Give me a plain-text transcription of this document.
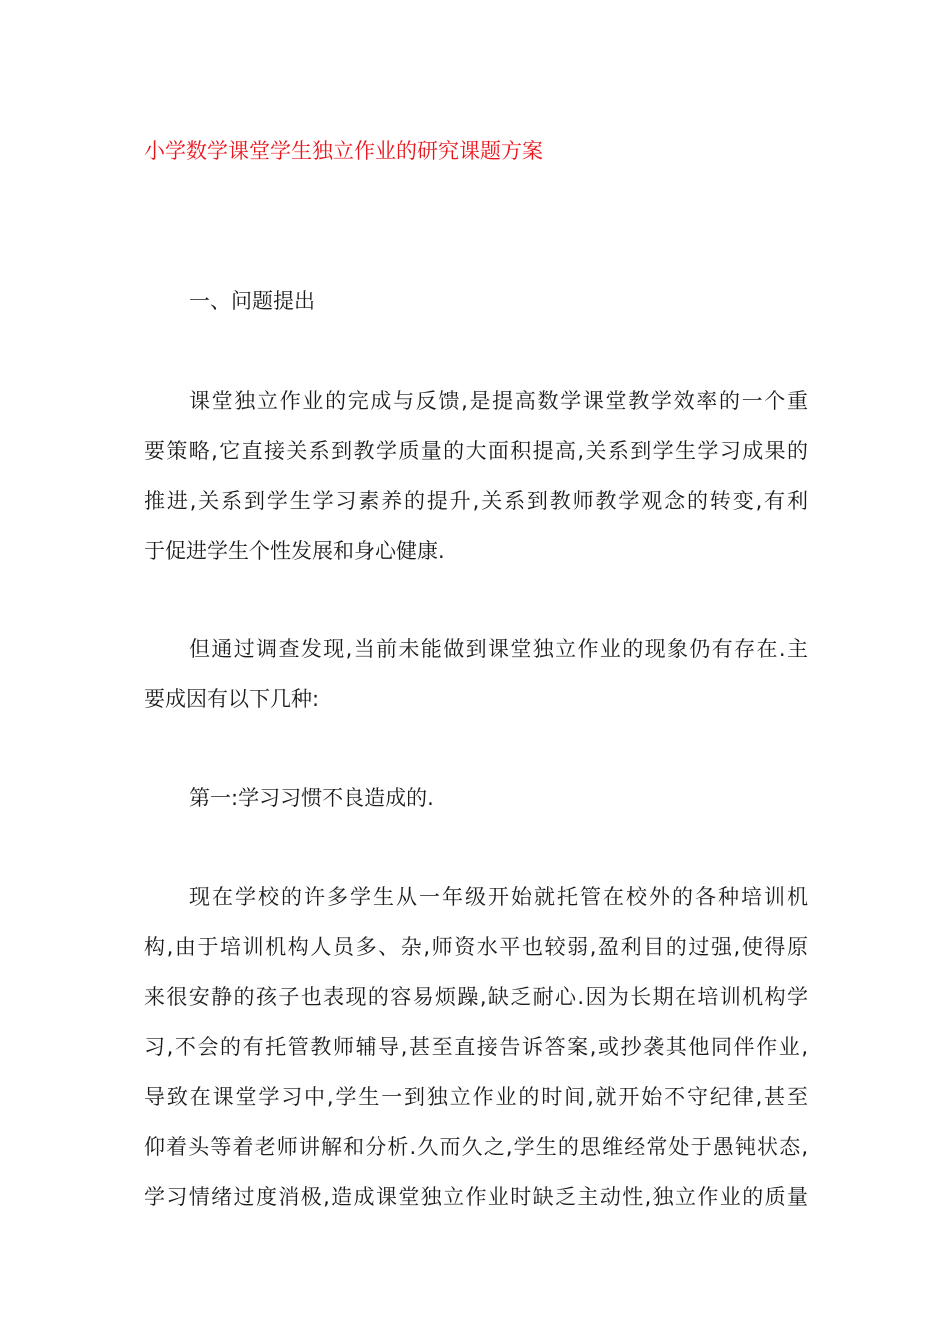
小学数学课堂学生独立作业的研究课题方案
一、问题提出
课堂独立作业的完成与反馈,是提高数学课堂教学效率的一个重
要策略,它直接关系到教学质量的大面积提高,关系到学生学习成果的
推进,关系到学生学习素养的提升,关系到教师教学观念的转变,有利
于促进学生个性发展和身心健康.
但通过调查发现,当前未能做到课堂独立作业的现象仍有存在.主
要成因有以下几种:
第一:学习习惯不良造成的.
现在学校的许多学生从一年级开始就托管在校外的各种培训机
构,由于培训机构人员多、杂,师资水平也较弱,盈利目的过强,使得原
来很安静的孩子也表现的容易烦躁,缺乏耐心.因为长期在培训机构学
习,不会的有托管教师辅导,甚至直接告诉答案,或抄袭其他同伴作业,
导致在课堂学习中,学生一到独立作业的时间,就开始不守纪律,甚至
仰着头等着老师讲解和分析.久而久之,学生的思维经常处于愚钝状态,
学习情绪过度消极,造成课堂独立作业时缺乏主动性,独立作业的质量
